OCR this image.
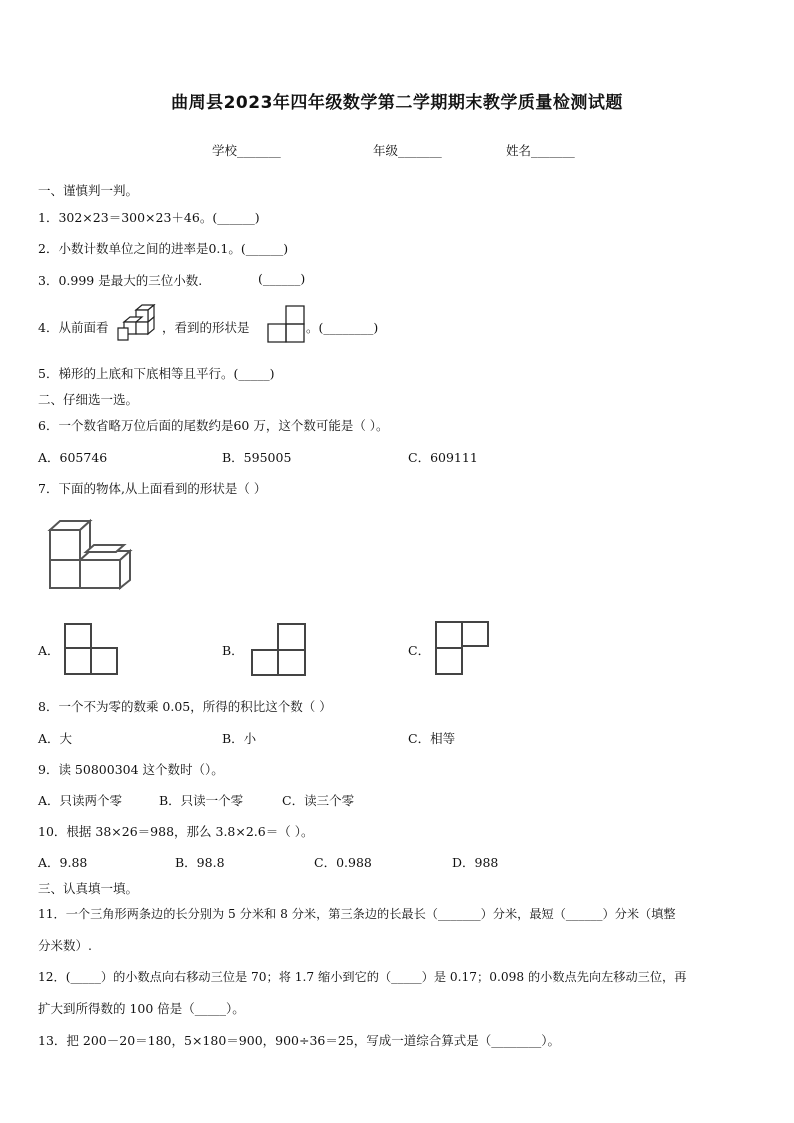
曲周县2023年四年级数学第二学期期末教学质量检测试题
学校_______	年级_______	姓名_______
一、谨慎判一判。
1．302×23＝300×23＋46。(______)
2．小数计数单位之间的进率是0.1。(______)
3．0.999 是最大的三位小数.	(______)
4．从前面看	，看到的形状是	。(________)
5．梯形的上底和下底相等且平行。(_____)
二、仔细选一选。
6．一个数省略万位后面的尾数约是60 万，这个数可能是（ ）。
A．605746	B．595005	C．609111
7．下面的物体,从上面看到的形状是（ ）
A．	B．	C．
8．一个不为零的数乘 0.05，所得的积比这个数（ ）
A．大	B．小	C．相等
9．读 50800304 这个数时（）。
A．只读两个零	B．只读一个零	C．读三个零
10．根据 38×26＝988，那么 3.8×2.6＝（ ）。
A．9.88	B．98.8	C．0.988	D．988
三、认真填一填。
11．一个三角形两条边的长分别为 5 分米和 8 分米，第三条边的长最长（_______）分米，最短（______）分米（填整
分米数）.
12．(_____）的小数点向右移动三位是 70；将 1.7 缩小到它的（_____）是 0.17；0.098 的小数点先向左移动三位，再
扩大到所得数的 100 倍是（_____）。
13．把 200－20＝180，5×180＝900，900÷36＝25，写成一道综合算式是（________）。
